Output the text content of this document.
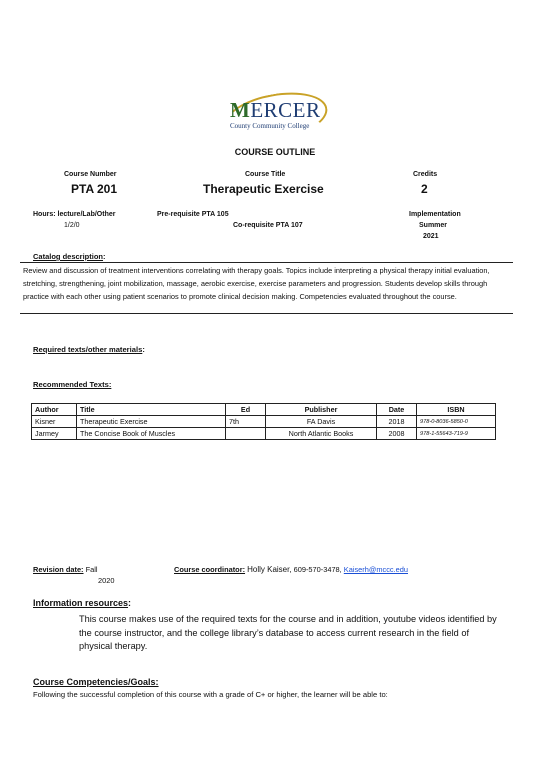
MERCER
County Community College
COURSE OUTLINE
Course Number
PTA 201
Course Title
Therapeutic Exercise
Credits
2
Hours: lecture/Lab/Other
1/2/0
Pre-requisite PTA 105
Co-requisite PTA 107
Implementation
Summer
2021
Catalog description:
Review and discussion of treatment interventions correlating with therapy goals. Topics include interpreting a physical therapy initial evaluation, stretching, strengthening, joint mobilization, massage, aerobic exercise, exercise parameters and progression. Students develop skills through practice with each other using patient scenarios to promote clinical decision making. Competencies evaluated throughout the course.
Required texts/other materials:
Recommended Texts:
Author	Title	Ed	Publisher	Date	ISBN
Kisner	Therapeutic Exercise	7th	FA Davis	2018	978-0-8036-5850-0
Jarmey	The Concise Book of Muscles		North Atlantic Books	2008	978-1-55643-719-9
Revision date: Fall
2020
Course coordinator: Holly Kaiser, 609-570-3478, Kaiserh@mccc.edu
Information resources:
This course makes use of the required texts for the course and in addition, youtube videos identified by the course instructor, and the college library’s database to access current research in the field of physical therapy.
Course Competencies/Goals:
Following the successful completion of this course with a grade of C+ or higher, the learner will be able to:
